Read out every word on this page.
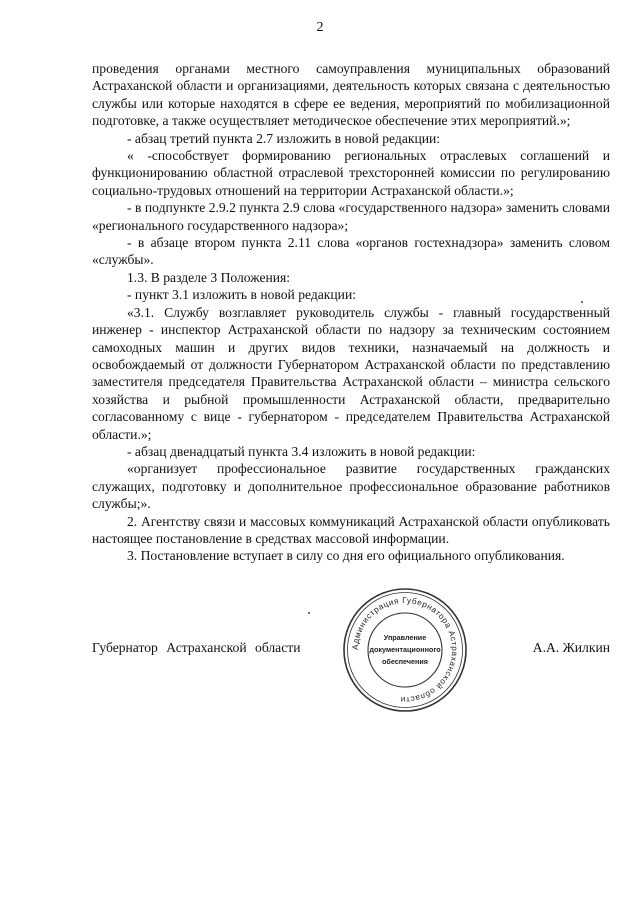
2

проведения органами местного самоуправления муниципальных образований Астраханской области и организациями, деятельность которых связана с деятельностью службы или которые находятся в сфере ее ведения, мероприятий по мобилизационной подготовке, а также осуществляет методическое обеспечение этих мероприятий.»;

- абзац третий пункта 2.7 изложить в новой редакции:

« -способствует формированию региональных отраслевых соглашений и функционированию областной отраслевой трехсторонней комиссии по регулированию социально-трудовых отношений на территории Астраханской области.»;

- в подпункте 2.9.2 пункта 2.9 слова «государственного надзора» заменить словами «регионального государственного надзора»;

- в абзаце втором пункта 2.11 слова «органов гостехнадзора» заменить словом «службы».

1.3. В разделе 3 Положения:

- пункт 3.1 изложить в новой редакции:

«3.1. Службу возглавляет руководитель службы - главный государственный инженер - инспектор Астраханской области по надзору за техническим состоянием самоходных машин и других видов техники, назначаемый на должность и освобождаемый от должности Губернатором Астраханской области по представлению заместителя председателя Правительства Астраханской области – министра сельского хозяйства и рыбной промышленности Астраханской области, предварительно согласованному с вице - губернатором - председателем Правительства Астраханской области.»;

- абзац двенадцатый пункта 3.4 изложить в новой редакции:

«организует профессиональное развитие государственных гражданских служащих, подготовку и дополнительное профессиональное образование работников службы;».

2. Агентству связи и массовых коммуникаций Астраханской области опубликовать настоящее постановление в средствах массовой информации.

3. Постановление вступает в силу со дня его официального опубликования.

Губернатор Астраханской области	А.А. Жилкин
Администрация Губернатора Астраханской области
Управление
документационного
обеспечения
